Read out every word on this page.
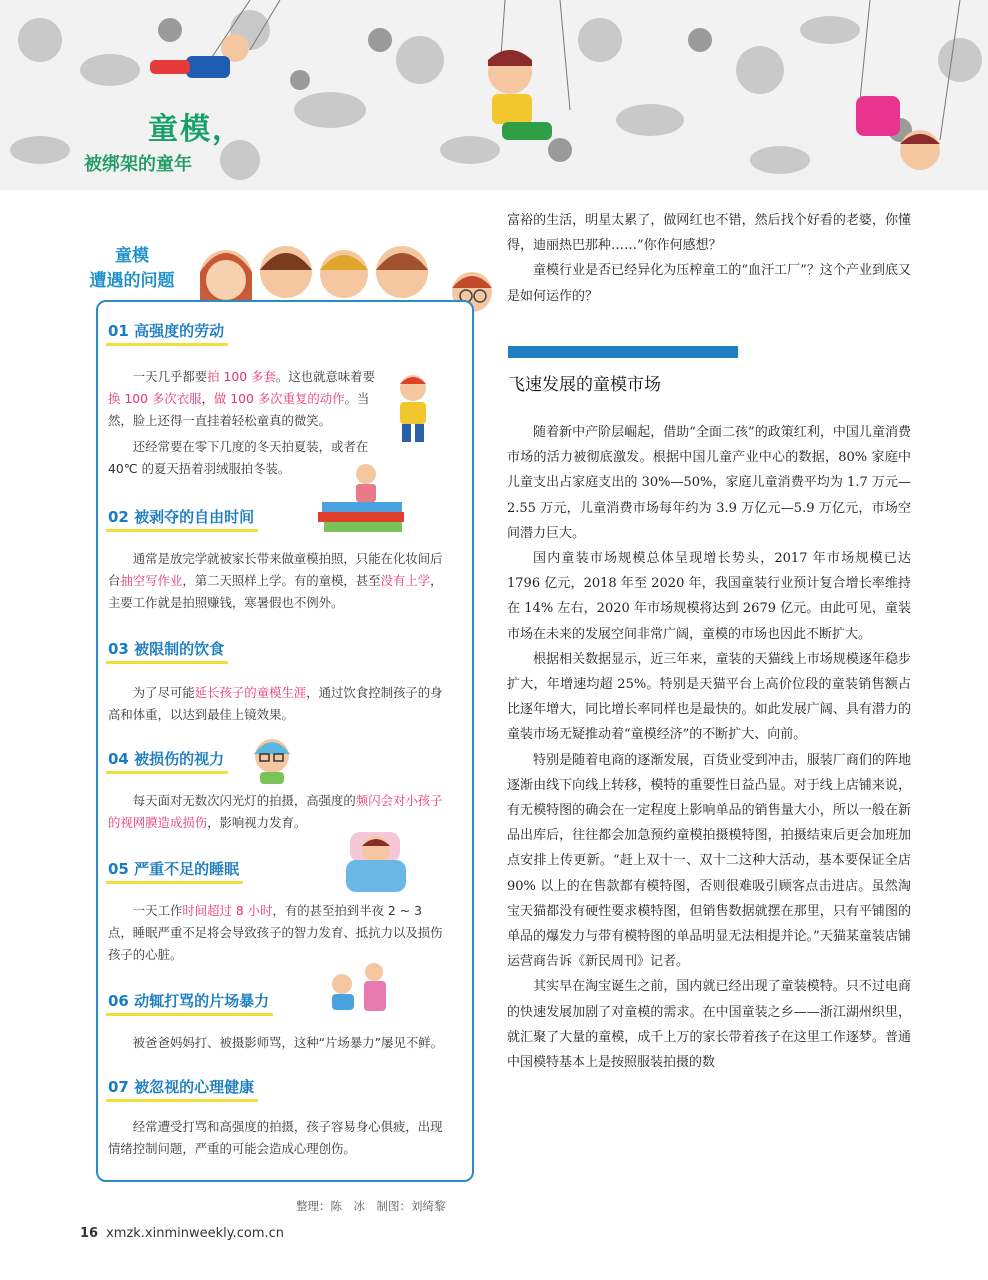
童模，
被绑架的童年
童模
遭遇的问题
01 高强度的劳动
一天几乎都要拍 100 多套。这也就意味着要换 100 多次衣服，做 100 多次重复的动作。当然，脸上还得一直挂着轻松童真的微笑。
还经常要在零下几度的冬天拍夏装，或者在 40℃ 的夏天捂着羽绒服拍冬装。
02 被剥夺的自由时间
通常是放完学就被家长带来做童模拍照，只能在化妆间后台抽空写作业，第二天照样上学。有的童模，甚至没有上学，主要工作就是拍照赚钱，寒暑假也不例外。
03 被限制的饮食
为了尽可能延长孩子的童模生涯，通过饮食控制孩子的身高和体重，以达到最佳上镜效果。
04 被损伤的视力
每天面对无数次闪光灯的拍摄，高强度的频闪会对小孩子的视网膜造成损伤，影响视力发育。
05 严重不足的睡眠
一天工作时间超过 8 小时，有的甚至拍到半夜 2 ~ 3 点，睡眠严重不足将会导致孩子的智力发育、抵抗力以及损伤孩子的心脏。
06 动辄打骂的片场暴力
被爸爸妈妈打、被摄影师骂，这种“片场暴力”屡见不鲜。
07 被忽视的心理健康
经常遭受打骂和高强度的拍摄，孩子容易身心俱疲，出现情绪控制问题，严重的可能会造成心理创伤。
整理：陈　冰　制图：刘绮黎

富裕的生活，明星太累了，做网红也不错，然后找个好看的老婆，你懂得，迪丽热巴那种……”你作何感想？

童模行业是否已经异化为压榨童工的“血汗工厂”？这个产业到底又是如何运作的？

飞速发展的童模市场

随着新中产阶层崛起，借助“全面二孩”的政策红利，中国儿童消费市场的活力被彻底激发。根据中国儿童产业中心的数据，80% 家庭中儿童支出占家庭支出的 30%—50%，家庭儿童消费平均为 1.7 万元—2.55 万元，儿童消费市场每年约为 3.9 万亿元—5.9 万亿元，市场空间潜力巨大。

国内童装市场规模总体呈现增长势头，2017 年市场规模已达 1796 亿元，2018 年至 2020 年，我国童装行业预计复合增长率维持在 14% 左右，2020 年市场规模将达到 2679 亿元。由此可见，童装市场在未来的发展空间非常广阔，童模的市场也因此不断扩大。

根据相关数据显示，近三年来，童装的天猫线上市场规模逐年稳步扩大，年增速均超 25%。特别是天猫平台上高价位段的童装销售额占比逐年增大，同比增长率同样也是最快的。如此发展广阔、具有潜力的童装市场无疑推动着“童模经济”的不断扩大、向前。

特别是随着电商的逐渐发展，百货业受到冲击，服装厂商们的阵地逐渐由线下向线上转移，模特的重要性日益凸显。对于线上店铺来说，有无模特图的确会在一定程度上影响单品的销售量大小，所以一般在新品出库后，往往都会加急预约童模拍摄模特图，拍摄结束后更会加班加点安排上传更新。“赶上双十一、双十二这种大活动，基本要保证全店 90% 以上的在售款都有模特图，否则很难吸引顾客点击进店。虽然淘宝天猫都没有硬性要求模特图，但销售数据就摆在那里，只有平铺图的单品的爆发力与带有模特图的单品明显无法相提并论。”天猫某童装店铺运营商告诉《新民周刊》记者。

其实早在淘宝诞生之前，国内就已经出现了童装模特。只不过电商的快速发展加剧了对童模的需求。在中国童装之乡——浙江湖州织里，就汇聚了大量的童模，成千上万的家长带着孩子在这里工作逐梦。普通中国模特基本上是按照服装拍摄的数

16 xmzk.xinminweekly.com.cn
